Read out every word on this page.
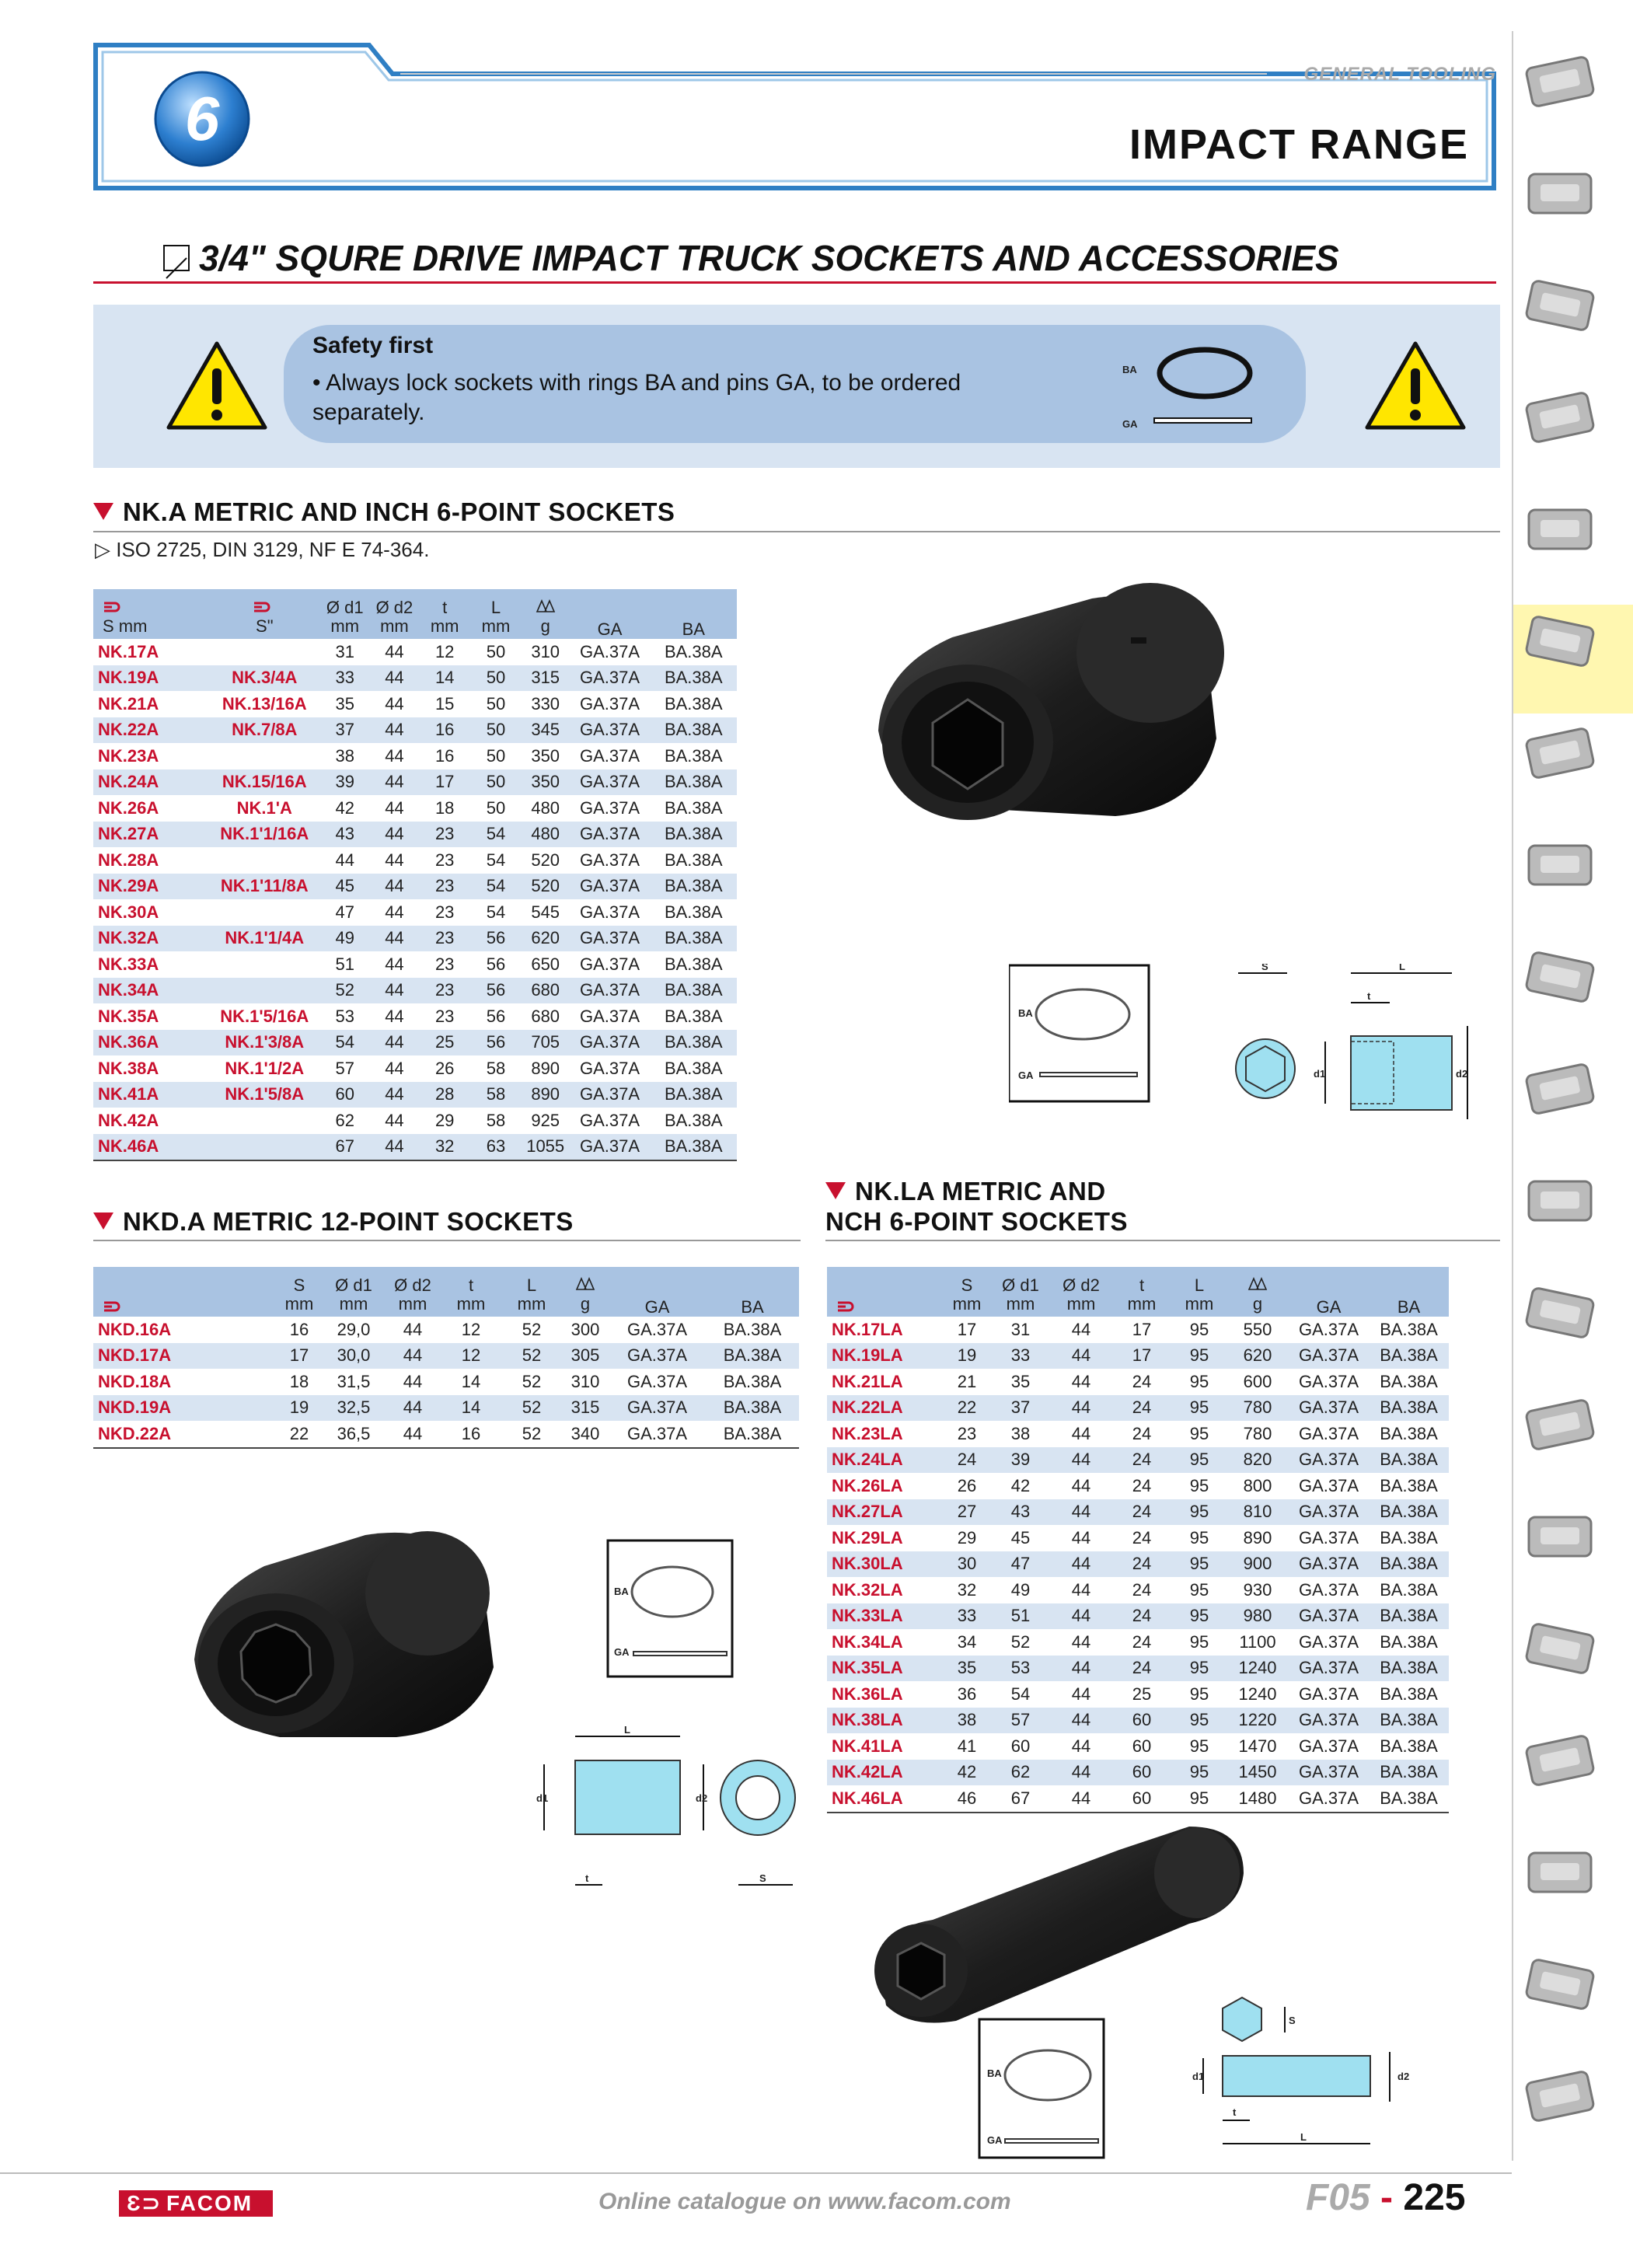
GENERAL TOOLING
6	IMPACT RANGE
3/4" SQURE DRIVE IMPACT TRUCK SOCKETS AND ACCESSORIES
Safety first
• Always lock sockets with rings BA and pins GA, to be ordered separately.
BA
GA
NK.A METRIC AND INCH 6-POINT SOCKETS
▷ ISO 2725, DIN 3129, NF E 74-364.
		Ø d1	Ø d2	t	L		GA	BA
S mm	S"	mm	mm	mm	mm	g		
NK.17A		31	44	12	50	310	GA.37A	BA.38A
NK.19A	NK.3/4A	33	44	14	50	315	GA.37A	BA.38A
NK.21A	NK.13/16A	35	44	15	50	330	GA.37A	BA.38A
NK.22A	NK.7/8A	37	44	16	50	345	GA.37A	BA.38A
NK.23A		38	44	16	50	350	GA.37A	BA.38A
NK.24A	NK.15/16A	39	44	17	50	350	GA.37A	BA.38A
NK.26A	NK.1'A	42	44	18	50	480	GA.37A	BA.38A
NK.27A	NK.1'1/16A	43	44	23	54	480	GA.37A	BA.38A
NK.28A		44	44	23	54	520	GA.37A	BA.38A
NK.29A	NK.1'11/8A	45	44	23	54	520	GA.37A	BA.38A
NK.30A		47	44	23	54	545	GA.37A	BA.38A
NK.32A	NK.1'1/4A	49	44	23	56	620	GA.37A	BA.38A
NK.33A		51	44	23	56	650	GA.37A	BA.38A
NK.34A		52	44	23	56	680	GA.37A	BA.38A
NK.35A	NK.1'5/16A	53	44	23	56	680	GA.37A	BA.38A
NK.36A	NK.1'3/8A	54	44	25	56	705	GA.37A	BA.38A
NK.38A	NK.1'1/2A	57	44	26	58	890	GA.37A	BA.38A
NK.41A	NK.1'5/8A	60	44	28	58	890	GA.37A	BA.38A
NK.42A		62	44	29	58	925	GA.37A	BA.38A
NK.46A		67	44	32	63	1055	GA.37A	BA.38A
BA
GA
S	L
t
d1	d2
NKD.A METRIC 12-POINT SOCKETS
	S	Ø d1	Ø d2	t	L		GA	BA
	mm	mm	mm	mm	mm	g		
NKD.16A	16	29,0	44	12	52	300	GA.37A	BA.38A
NKD.17A	17	30,0	44	12	52	305	GA.37A	BA.38A
NKD.18A	18	31,5	44	14	52	310	GA.37A	BA.38A
NKD.19A	19	32,5	44	14	52	315	GA.37A	BA.38A
NKD.22A	22	36,5	44	16	52	340	GA.37A	BA.38A
BA
GA
L
d1
t
d2
S
NK.LA METRIC AND
NCH 6-POINT SOCKETS
	S	Ø d1	Ø d2	t	L		GA	BA
	mm	mm	mm	mm	mm	g		
NK.17LA	17	31	44	17	95	550	GA.37A	BA.38A
NK.19LA	19	33	44	17	95	620	GA.37A	BA.38A
NK.21LA	21	35	44	24	95	600	GA.37A	BA.38A
NK.22LA	22	37	44	24	95	780	GA.37A	BA.38A
NK.23LA	23	38	44	24	95	780	GA.37A	BA.38A
NK.24LA	24	39	44	24	95	820	GA.37A	BA.38A
NK.26LA	26	42	44	24	95	800	GA.37A	BA.38A
NK.27LA	27	43	44	24	95	810	GA.37A	BA.38A
NK.29LA	29	45	44	24	95	890	GA.37A	BA.38A
NK.30LA	30	47	44	24	95	900	GA.37A	BA.38A
NK.32LA	32	49	44	24	95	930	GA.37A	BA.38A
NK.33LA	33	51	44	24	95	980	GA.37A	BA.38A
NK.34LA	34	52	44	24	95	1100	GA.37A	BA.38A
NK.35LA	35	53	44	24	95	1240	GA.37A	BA.38A
NK.36LA	36	54	44	25	95	1240	GA.37A	BA.38A
NK.38LA	38	57	44	60	95	1220	GA.37A	BA.38A
NK.41LA	41	60	44	60	95	1470	GA.37A	BA.38A
NK.42LA	42	62	44	60	95	1450	GA.37A	BA.38A
NK.46LA	46	67	44	60	95	1480	GA.37A	BA.38A
BA
GA
S
d1	d2
t
L
Ɛ⊃ FACOM	Online catalogue on www.facom.com	F05 - 225
